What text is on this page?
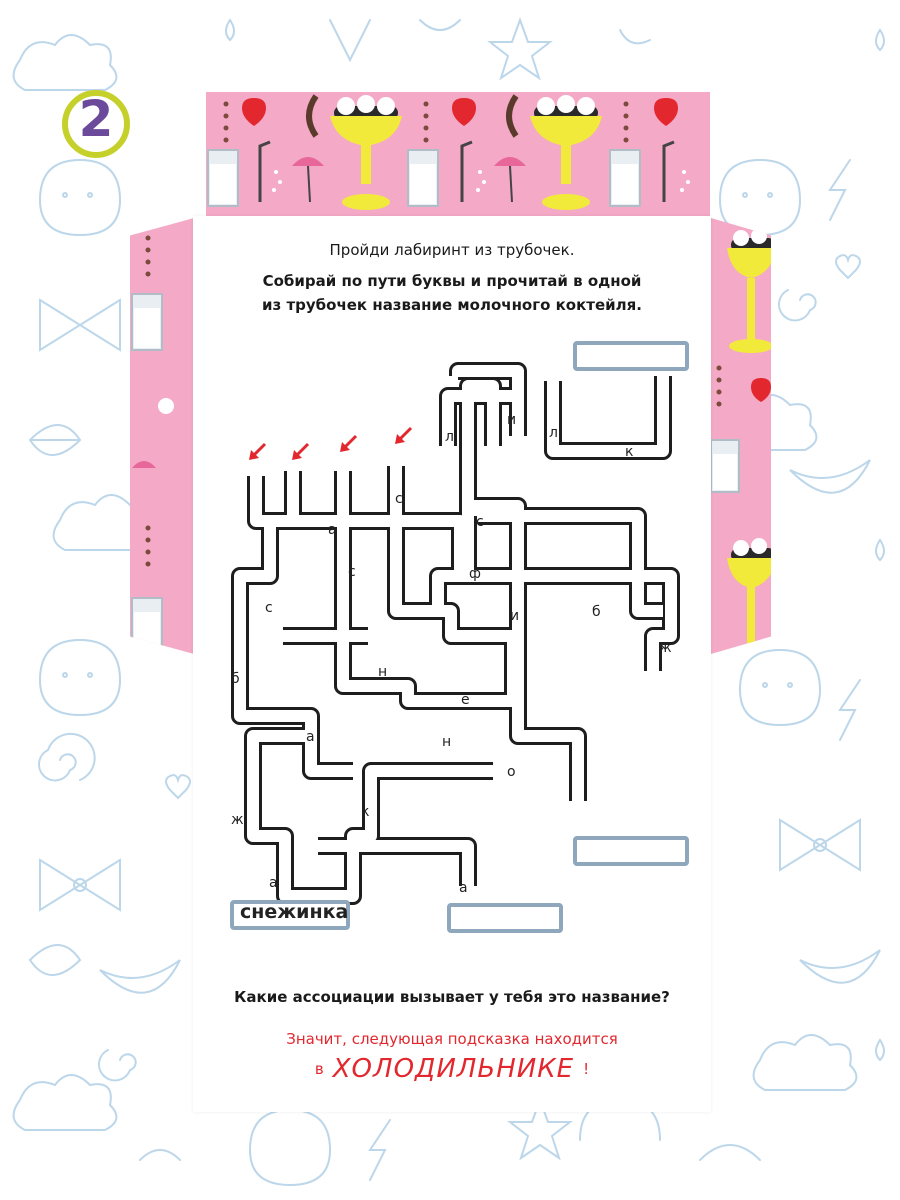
2
Пройди лабиринт из трубочек.
Собирай по пути буквы и прочитай в одной
из трубочек название молочного коктейля.
л
и
л
к
с
а
с
с
ф
с
и	б
ж
б	н
е
а	н
о
ж	к
а	а
снежинка
Какие ассоциации вызывает у тебя это название?
Значит, следующая подсказка находится
в ХОЛОДИЛЬНИКЕ !
